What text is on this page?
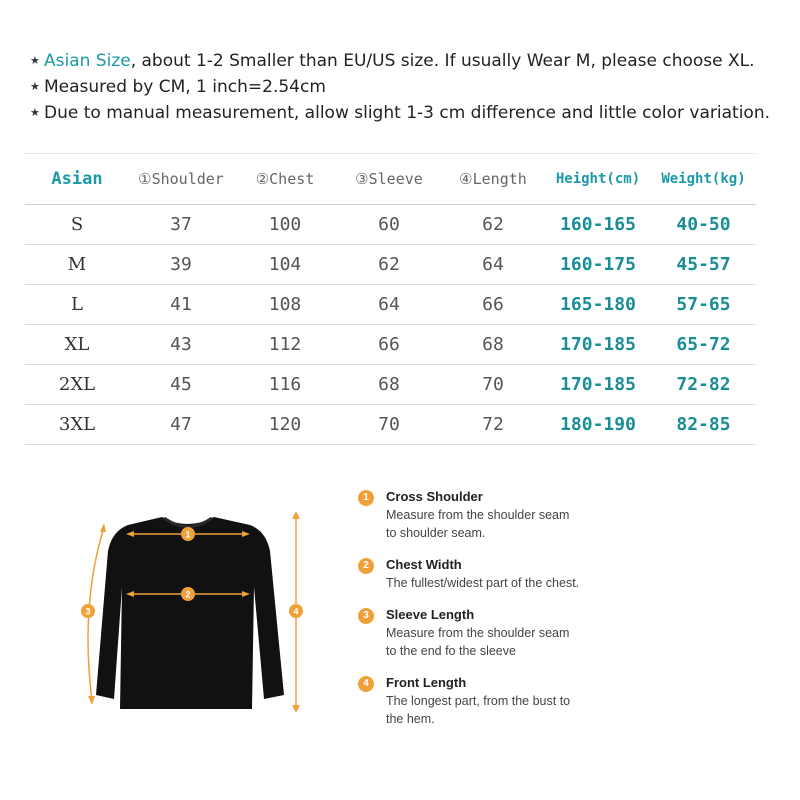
★ Asian Size, about 1-2 Smaller than EU/US size. If usually Wear M, please choose XL.
★ Measured by CM, 1 inch=2.54cm
★ Due to manual measurement, allow slight 1-3 cm difference and little color variation.
Asian	①Shoulder	②Chest	③Sleeve	④Length	Height(cm)	Weight(kg)
S	37	100	60	62	160-165	40-50
M	39	104	62	64	160-175	45-57
L	41	108	64	66	165-180	57-65
XL	43	112	66	68	170-185	65-72
2XL	45	116	68	70	170-185	72-82
3XL	47	120	70	72	180-190	82-85
1
2
3	4
1	Cross Shoulder
Measure from the shoulder seam
to shoulder seam.
2	Chest Width
The fullest/widest part of the chest.
3	Sleeve Length
Measure from the shoulder seam
to the end fo the sleeve
4	Front Length
The longest part, from the bust to
the hem.
